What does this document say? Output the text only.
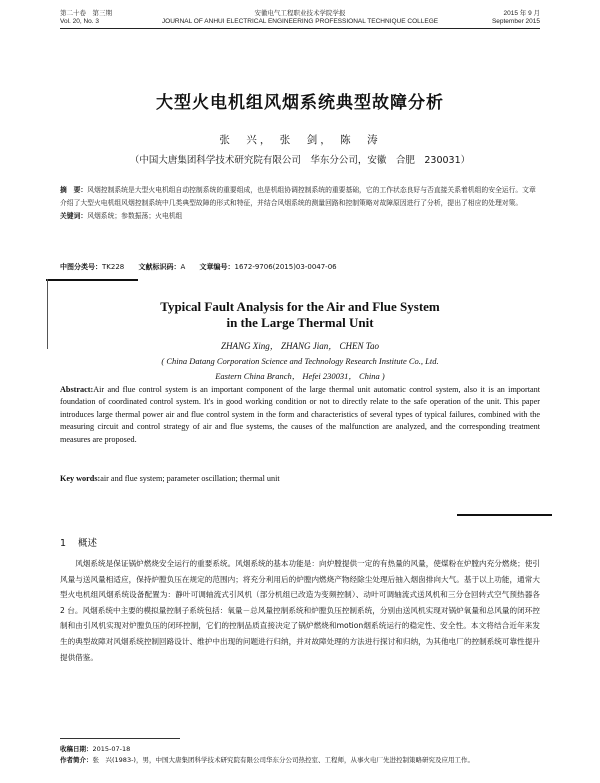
第二十卷　第三期
Vol. 20, No. 3
安徽电气工程职业技术学院学报
JOURNAL OF ANHUI ELECTRICAL ENGINEERING PROFESSIONAL TECHNIQUE COLLEGE
2015 年 9 月
September 2015
大型火电机组风烟系统典型故障分析
张　兴， 张　剑， 陈　涛
（中国大唐集团科学技术研究院有限公司　华东分公司，安徽　合肥　230031）
摘　要：风烟控制系统是大型火电机组自动控制系统的重要组成，也是机组协调控制系统的重要基础，它的工作状态良好与否直接关系着机组的安全运行。文章介绍了大型火电机组风烟控制系统中几类典型故障的形式和特征，并结合风烟系统的测量回路和控制策略对故障原因进行了分析，提出了相应的处理对策。
关键词：风烟系统；参数振荡；火电机组
中图分类号：TK228 文献标识码：A 文章编号：1672-9706(2015)03-0047-06
Typical Fault Analysis for the Air and Flue System
in the Large Thermal Unit
ZHANG Xing， ZHANG Jian， CHEN Tao
( China Datang Corporation Science and Technology Research Institute Co., Ltd.
Eastern China Branch， Hefei 230031， China )
Abstract:Air and flue control system is an important component of the large thermal unit automatic control system, also it is an important foundation of coordinated control system. It's in good working condition or not to directly relate to the safe operation of the unit. This paper introduces large thermal power air and flue control system in the form and characteristics of several types of typical failures, combined with the measuring circuit and control strategy of air and flue systems, the causes of the malfunction are analyzed, and the corresponding treatment measures are proposed.
Key words:air and flue system; parameter oscillation; thermal unit
1 概述
风烟系统是保证锅炉燃烧安全运行的重要系统。风烟系统的基本功能是：向炉膛提供一定的有热量的风量，使煤粉在炉膛内充分燃烧；使引风量与送风量相适应，保持炉膛负压在规定的范围内；将充分利用后的炉膛内燃烧产物经除尘处理后抽入烟囱排向大气。基于以上功能，通常大型火电机组风烟系统设备配置为：静叶可调轴流式引风机（部分机组已改造为变频控制）、动叶可调轴流式送风机和三分仓回转式空气预热器各 2 台。风烟系统中主要的模拟量控制子系统包括：氧量－总风量控制系统和炉膛负压控制系统，分别由送风机实现对锅炉氧量和总风量的闭环控制和由引风机实现对炉膛负压的闭环控制，它们的控制品质直接决定了锅炉燃烧和motion烟系统运行的稳定性、安全性。本文将结合近年来发生的典型故障对风烟系统控制回路设计、维护中出现的问题进行归纳，并对故障处理的方法进行探讨和归纳，为其他电厂的控制系统可靠性提升提供借鉴。
收稿日期：2015-07-18
作者简介：张　兴(1983-)，男，中国大唐集团科学技术研究院有限公司华东分公司热控室、工程师，从事火电厂先进控制策略研究及应用工作。
